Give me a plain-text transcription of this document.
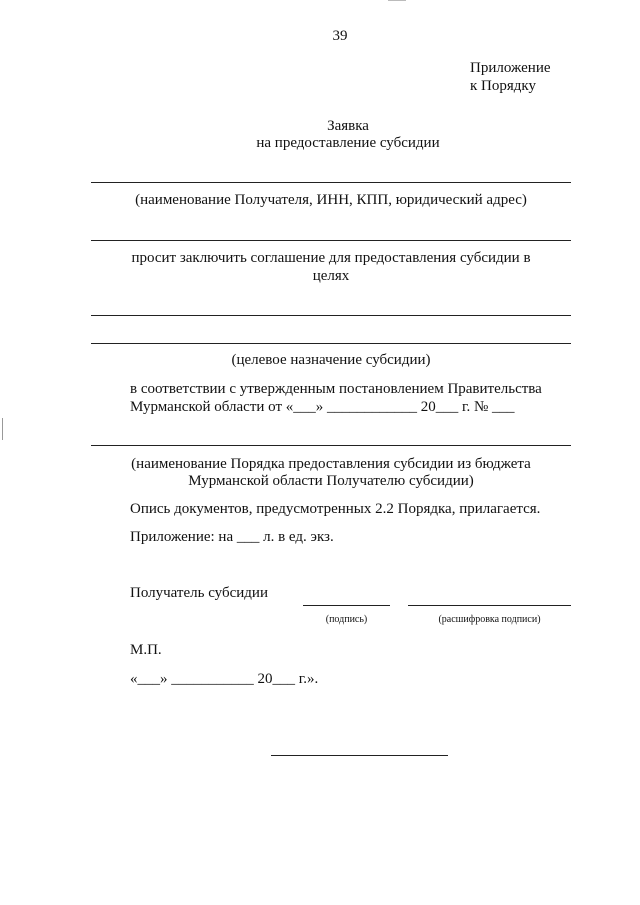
39
Приложение
к Порядку
Заявка
на предоставление субсидии
(наименование Получателя, ИНН, КПП, юридический адрес)
просит заключить соглашение для предоставления субсидии в
целях
(целевое назначение субсидии)
в соответствии с утвержденным постановлением Правительства
Мурманской области от «___» ____________ 20___ г. № ___
(наименование Порядка предоставления субсидии из бюджета
Мурманской области Получателю субсидии)
Опись документов, предусмотренных 2.2 Порядка, прилагается.
Приложение: на ___ л. в ед. экз.
Получатель субсидии
(подпись)	(расшифровка подписи)
М.П.
«___» ___________ 20___ г.».
